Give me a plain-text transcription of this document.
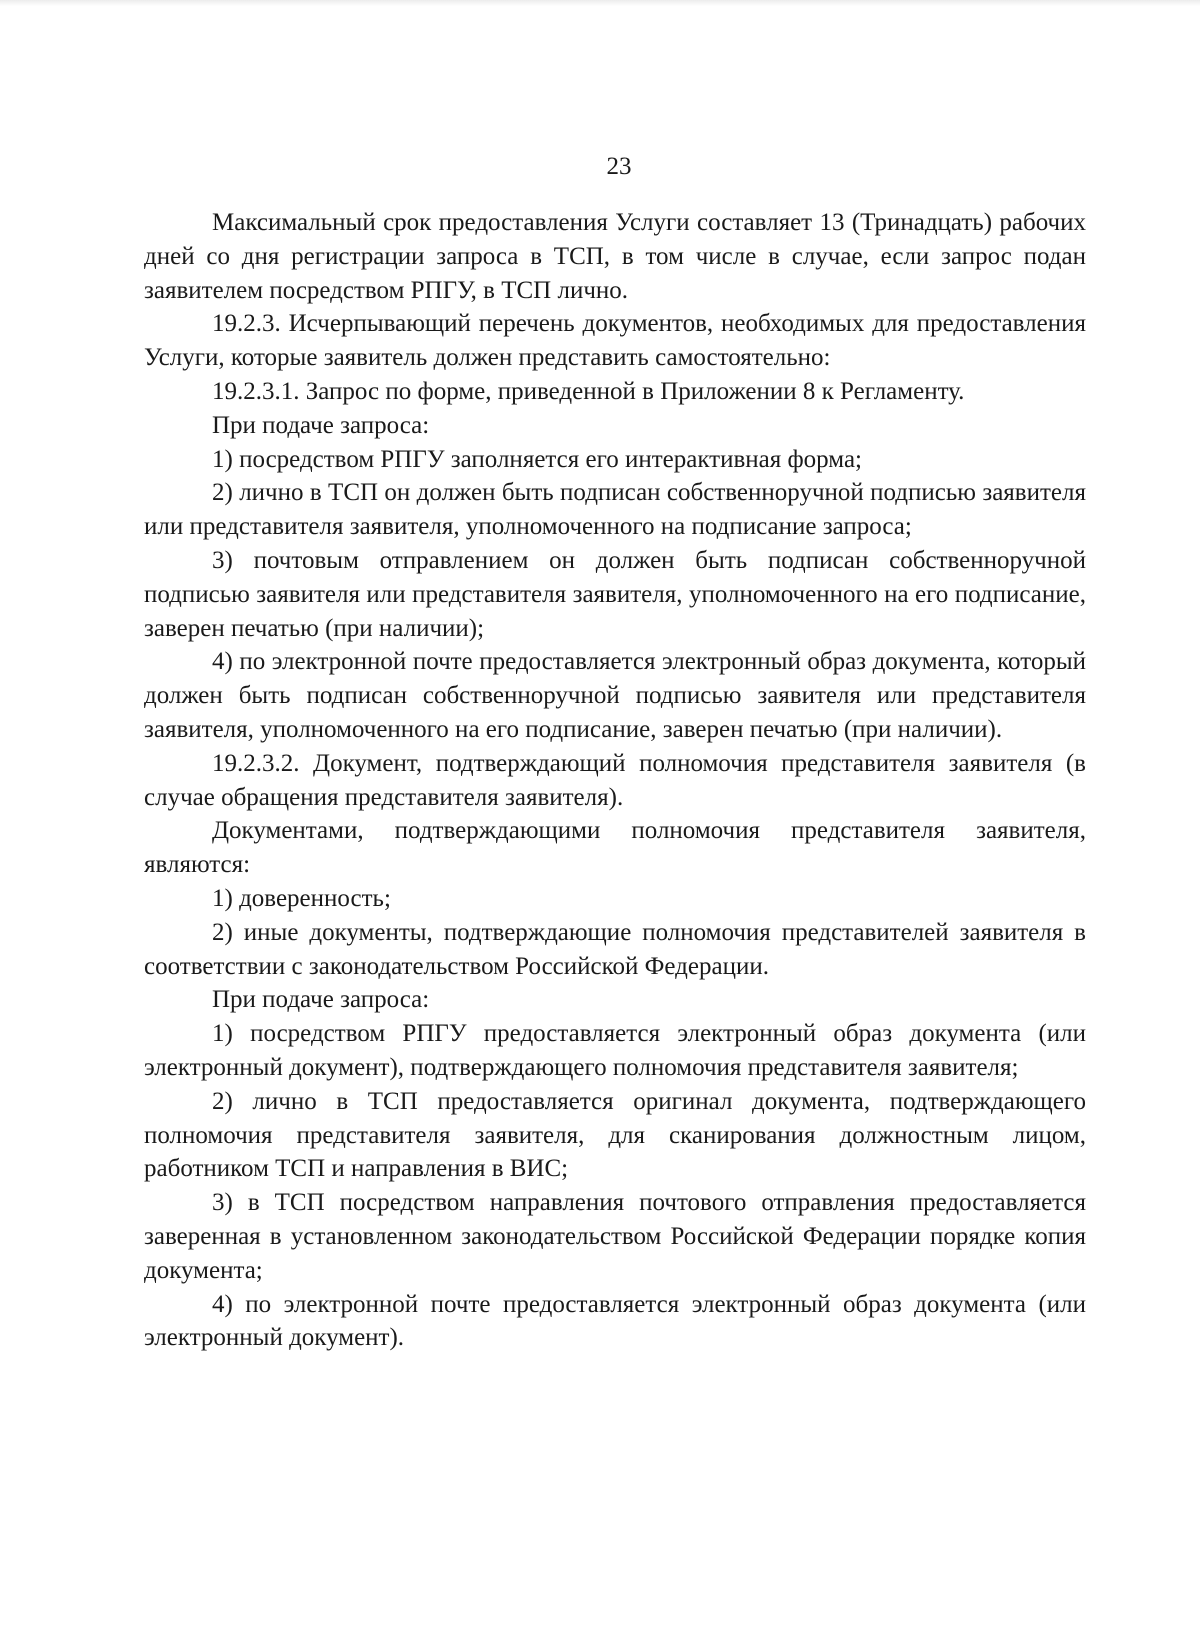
23

Максимальный срок предоставления Услуги составляет 13 (Тринадцать) рабочих дней со дня регистрации запроса в ТСП, в том числе в случае, если запрос подан заявителем посредством РПГУ, в ТСП лично.

19.2.3. Исчерпывающий перечень документов, необходимых для предоставления Услуги, которые заявитель должен представить самостоятельно:

19.2.3.1. Запрос по форме, приведенной в Приложении 8 к Регламенту.

При подаче запроса:

1) посредством РПГУ заполняется его интерактивная форма;

2) лично в ТСП он должен быть подписан собственноручной подписью заявителя или представителя заявителя, уполномоченного на подписание запроса;

3) почтовым отправлением он должен быть подписан собственноручной подписью заявителя или представителя заявителя, уполномоченного на его подписание, заверен печатью (при наличии);

4) по электронной почте предоставляется электронный образ документа, который должен быть подписан собственноручной подписью заявителя или представителя заявителя, уполномоченного на его подписание, заверен печатью (при наличии).

19.2.3.2. Документ, подтверждающий полномочия представителя заявителя (в случае обращения представителя заявителя).

Документами, подтверждающими полномочия представителя заявителя, являются:

1) доверенность;

2) иные документы, подтверждающие полномочия представителей заявителя в соответствии с законодательством Российской Федерации.

При подаче запроса:

1) посредством РПГУ предоставляется электронный образ документа (или электронный документ), подтверждающего полномочия представителя заявителя;

2) лично в ТСП предоставляется оригинал документа, подтверждающего полномочия представителя заявителя, для сканирования должностным лицом, работником ТСП и направления в ВИС;

3) в ТСП посредством направления почтового отправления предоставляется заверенная в установленном законодательством Российской Федерации порядке копия документа;

4) по электронной почте предоставляется электронный образ документа (или электронный документ).
